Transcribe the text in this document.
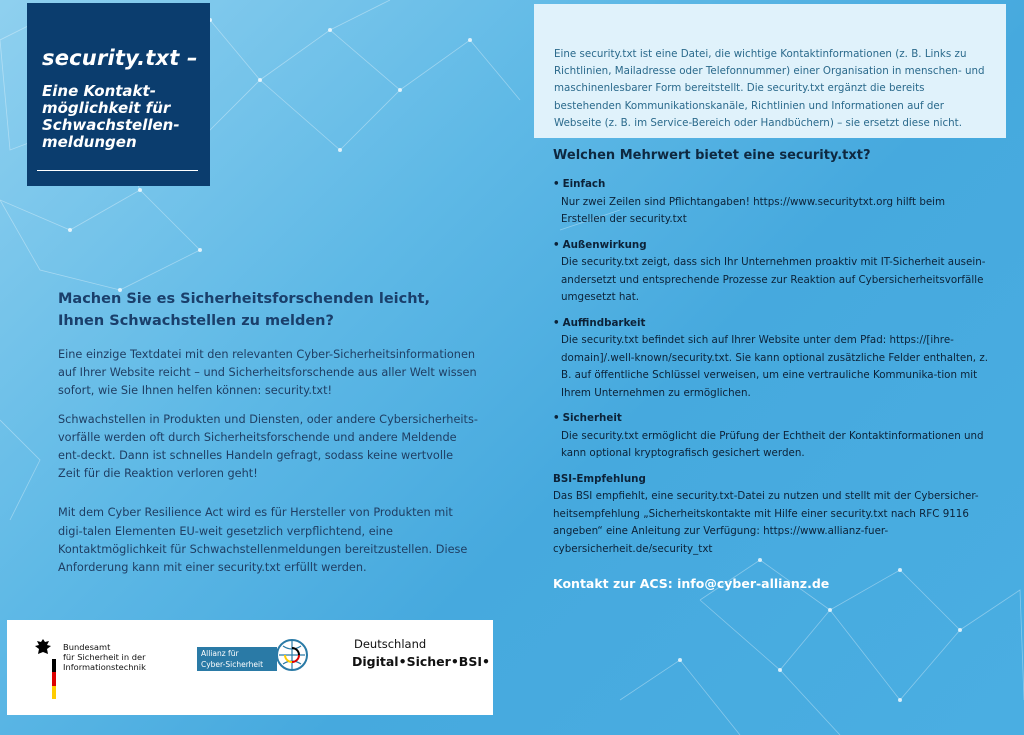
security.txt –
Eine Kontakt-
möglichkeit für
Schwachstellen-
meldungen
Machen Sie es Sicherheitsforschenden leicht, Ihnen Schwachstellen zu melden?

Eine einzige Textdatei mit den relevanten Cyber-Sicherheitsinformationen auf Ihrer Website reicht – und Sicherheitsforschende aus aller Welt wissen sofort, wie Sie Ihnen helfen können: security.txt!

Schwachstellen in Produkten und Diensten, oder andere Cybersicherheits-vorfälle werden oft durch Sicherheitsforschende und andere Meldende ent-deckt. Dann ist schnelles Handeln gefragt, sodass keine wertvolle Zeit für die Reaktion verloren geht!

Mit dem Cyber Resilience Act wird es für Hersteller von Produkten mit digi-talen Elementen EU-weit gesetzlich verpflichtend, eine Kontaktmöglichkeit für Schwachstellenmeldungen bereitzustellen. Diese Anforderung kann mit einer security.txt erfüllt werden.

Bundesamt
für Sicherheit in der
Informationstechnik
Allianz für
Cyber-Sicherheit
Deutschland
Digital•Sicher•BSI•
Eine security.txt ist eine Datei, die wichtige Kontaktinformationen (z. B. Links zu Richtlinien, Mailadresse oder Telefonnummer) einer Organisation in menschen- und maschinenlesbarer Form bereitstellt. Die security.txt ergänzt die bereits bestehenden Kommunikationskanäle, Richtlinien und Informationen auf der Webseite (z. B. im Service-Bereich oder Handbüchern) – sie ersetzt diese nicht.
Welchen Mehrwert bietet eine security.txt?
• Einfach
Nur zwei Zeilen sind Pflichtangaben! https://www.securitytxt.org hilft beim Erstellen der security.txt
• Außenwirkung
Die security.txt zeigt, dass sich Ihr Unternehmen proaktiv mit IT-Sicherheit ausein-andersetzt und entsprechende Prozesse zur Reaktion auf Cybersicherheitsvorfälle umgesetzt hat.
• Auffindbarkeit
Die security.txt befindet sich auf Ihrer Website unter dem Pfad: https://[ihre-domain]/.well-known/security.txt. Sie kann optional zusätzliche Felder enthalten, z. B. auf öffentliche Schlüssel verweisen, um eine vertrauliche Kommunika-tion mit Ihrem Unternehmen zu ermöglichen.
• Sicherheit
Die security.txt ermöglicht die Prüfung der Echtheit der Kontaktinformationen und kann optional kryptografisch gesichert werden.
BSI-Empfehlung
Das BSI empfiehlt, eine security.txt-Datei zu nutzen und stellt mit der Cybersicher-heitsempfehlung „Sicherheitskontakte mit Hilfe einer security.txt nach RFC 9116 angeben“ eine Anleitung zur Verfügung: https://www.allianz-fuer-cybersicherheit.de/security_txt
Kontakt zur ACS: info@cyber-allianz.de
